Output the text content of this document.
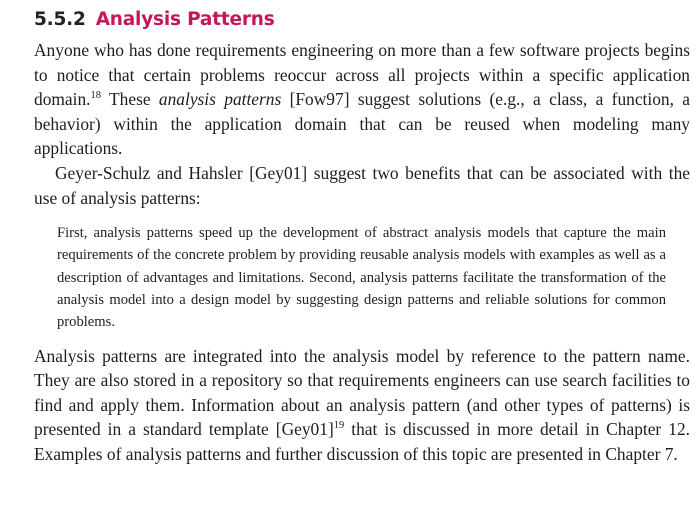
5.5.2 Analysis Patterns

Anyone who has done requirements engineering on more than a few software projects begins to notice that certain problems reoccur across all projects within a specific application domain.$^{18}$ These analysis patterns [Fow97] suggest solutions (e.g., a class, a function, a behavior) within the application domain that can be reused when modeling many applications.

Geyer-Schulz and Hahsler [Gey01] suggest two benefits that can be associated with the use of analysis patterns:

First, analysis patterns speed up the development of abstract analysis models that capture the main requirements of the concrete problem by providing reusable analysis models with examples as well as a description of advantages and limitations. Second, analysis patterns facilitate the transformation of the analysis model into a design model by suggesting design patterns and reliable solutions for common problems.

Analysis patterns are integrated into the analysis model by reference to the pattern name. They are also stored in a repository so that requirements engineers can use search facilities to find and apply them. Information about an analysis pattern (and other types of patterns) is presented in a standard template $[Gey01]^{19}$ that is discussed in more detail in Chapter 12. Examples of analysis patterns and further discussion of this topic are presented in Chapter 7.
